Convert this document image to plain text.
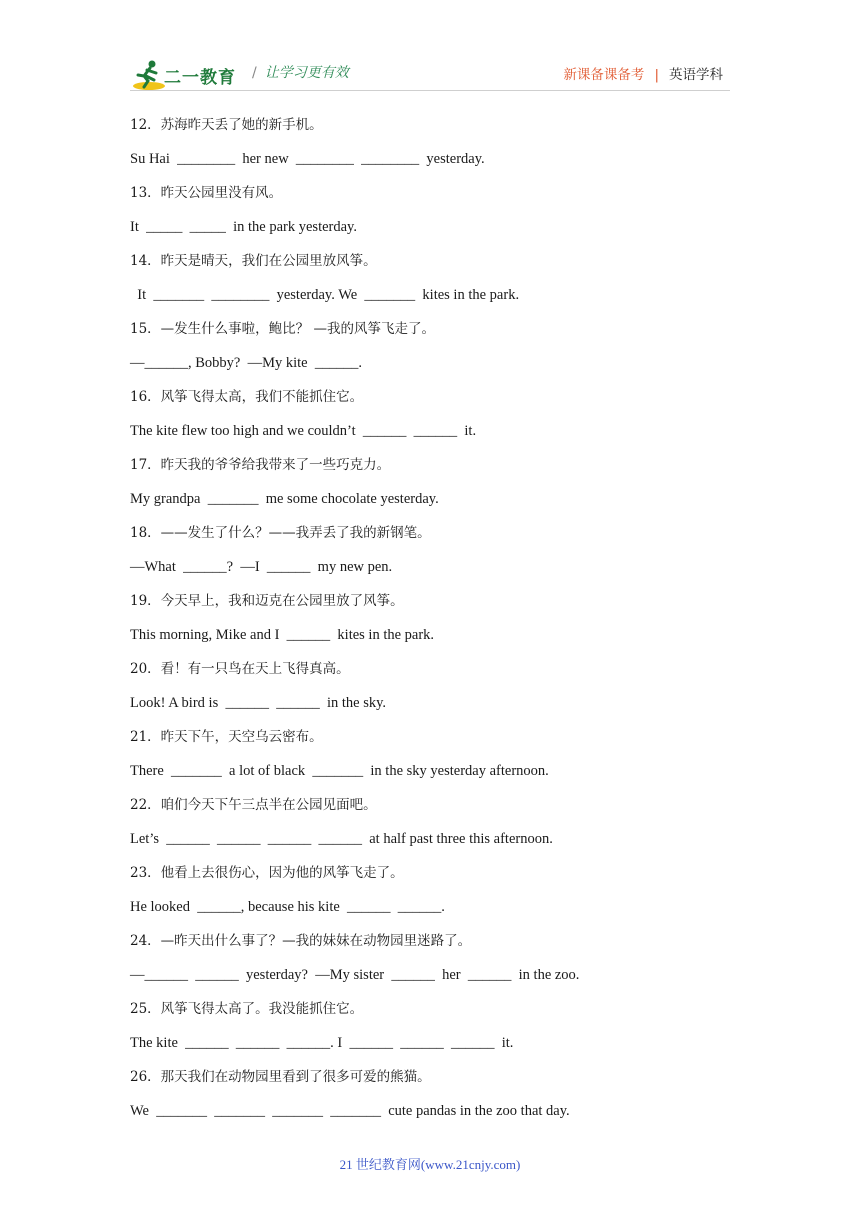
二一教育 / 让学习更有效	新课备课备考 | 英语学科
12．苏海昨天丢了她的新手机。
Su Hai  ________  her new  ________  ________  yesterday.
13．昨天公园里没有风。
It  _____  _____  in the park yesterday.
14．昨天是晴天，我们在公园里放风筝。
It  _______  ________  yesterday. We  _______  kites in the park.
15．—发生什么事啦，鲍比？ —我的风筝飞走了。
—______, Bobby?  —My kite  ______.
16．风筝飞得太高，我们不能抓住它。
The kite flew too high and we couldn’t  ______  ______  it.
17．昨天我的爷爷给我带来了一些巧克力。
My grandpa  _______  me some chocolate yesterday.
18．——发生了什么？——我弄丢了我的新钢笔。
—What  ______?  —I  ______  my new pen.
19．今天早上，我和迈克在公园里放了风筝。
This morning, Mike and I  ______  kites in the park.
20．看！有一只鸟在天上飞得真高。
Look! A bird is  ______  ______  in the sky.
21．昨天下午，天空乌云密布。
There  _______  a lot of black  _______  in the sky yesterday afternoon.
22．咱们今天下午三点半在公园见面吧。
Let’s  ______  ______  ______  ______  at half past three this afternoon.
23．他看上去很伤心，因为他的风筝飞走了。
He looked  ______, because his kite  ______  ______.
24．—昨天出什么事了？—我的妹妹在动物园里迷路了。
—______  ______  yesterday?  —My sister  ______  her  ______  in the zoo.
25．风筝飞得太高了。我没能抓住它。
The kite  ______  ______  ______. I  ______  ______  ______  it.
26．那天我们在动物园里看到了很多可爱的熊猫。
We  _______  _______  _______  _______  cute pandas in the zoo that day.
21 世纪教育网(www.21cnjy.com)
